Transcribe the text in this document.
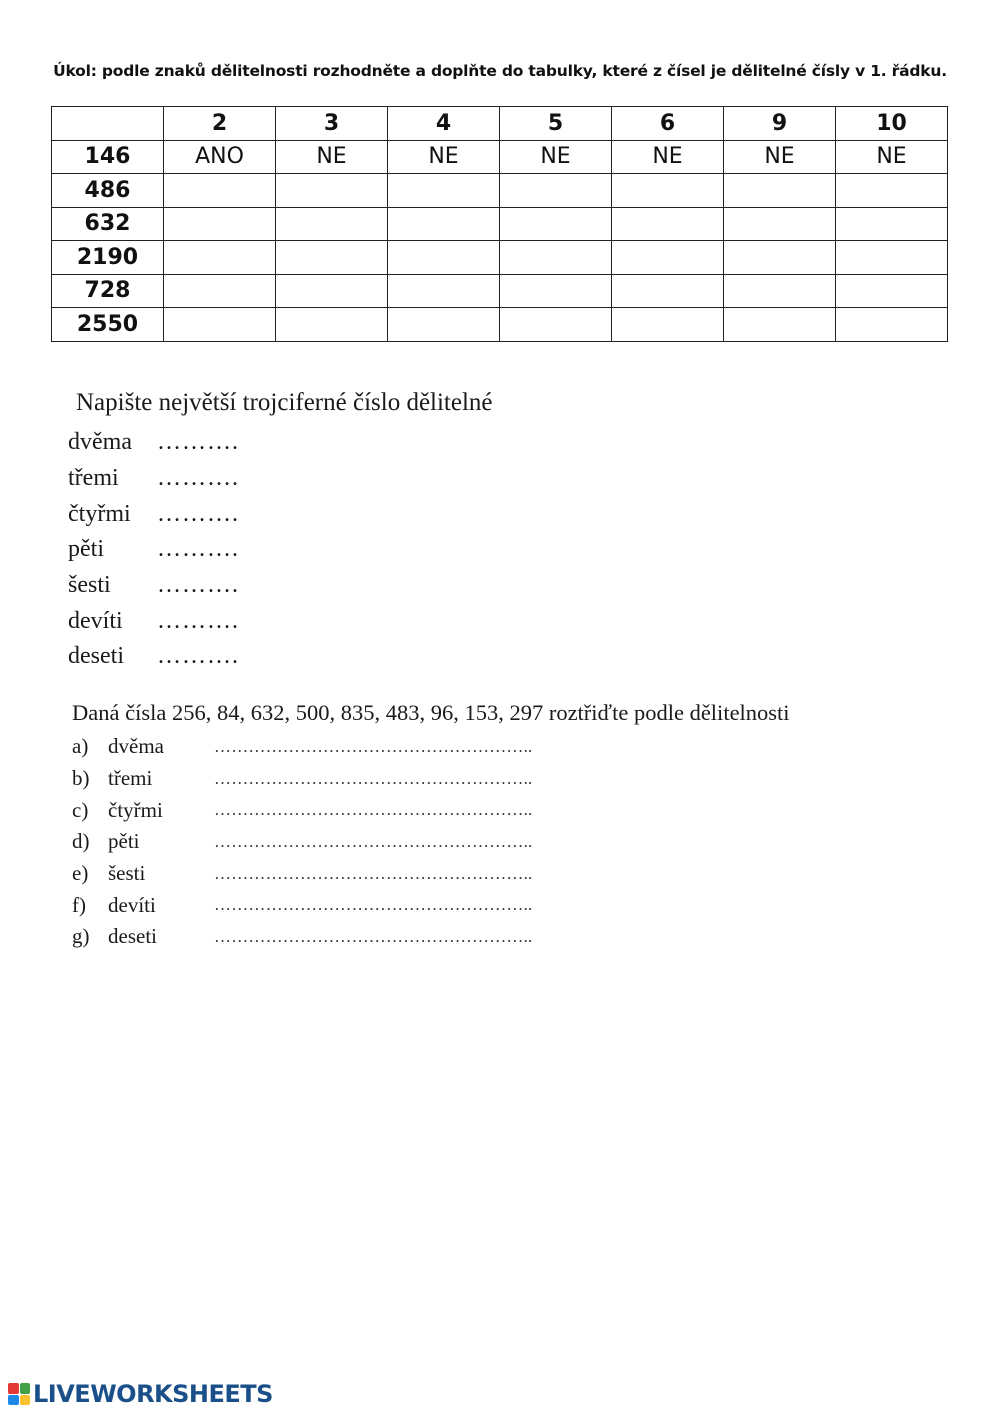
Úkol: podle znaků dělitelnosti rozhodněte a doplňte do tabulky, které z čísel je dělitelné čísly v 1. řádku.
	2	3	4	5	6	9	10
146	ANO	NE	NE	NE	NE	NE	NE
486							
632							
2190							
728							
2550							
Napište největší trojciferné číslo dělitelné
dvěma	……….
třemi	……….
čtyřmi	……….
pěti	……….
šesti	……….
devíti	……….
deseti	……….
Daná čísla 256, 84, 632, 500, 835, 483, 96, 153, 297 roztřiďte podle dělitelnosti
a) dvěma	………………………………………………..
b) třemi	………………………………………………..
c) čtyřmi	………………………………………………..
d) pěti	………………………………………………..
e) šesti	………………………………………………..
f)	devíti	………………………………………………..
g) deseti	………………………………………………..
LIVEWORKSHEETS
